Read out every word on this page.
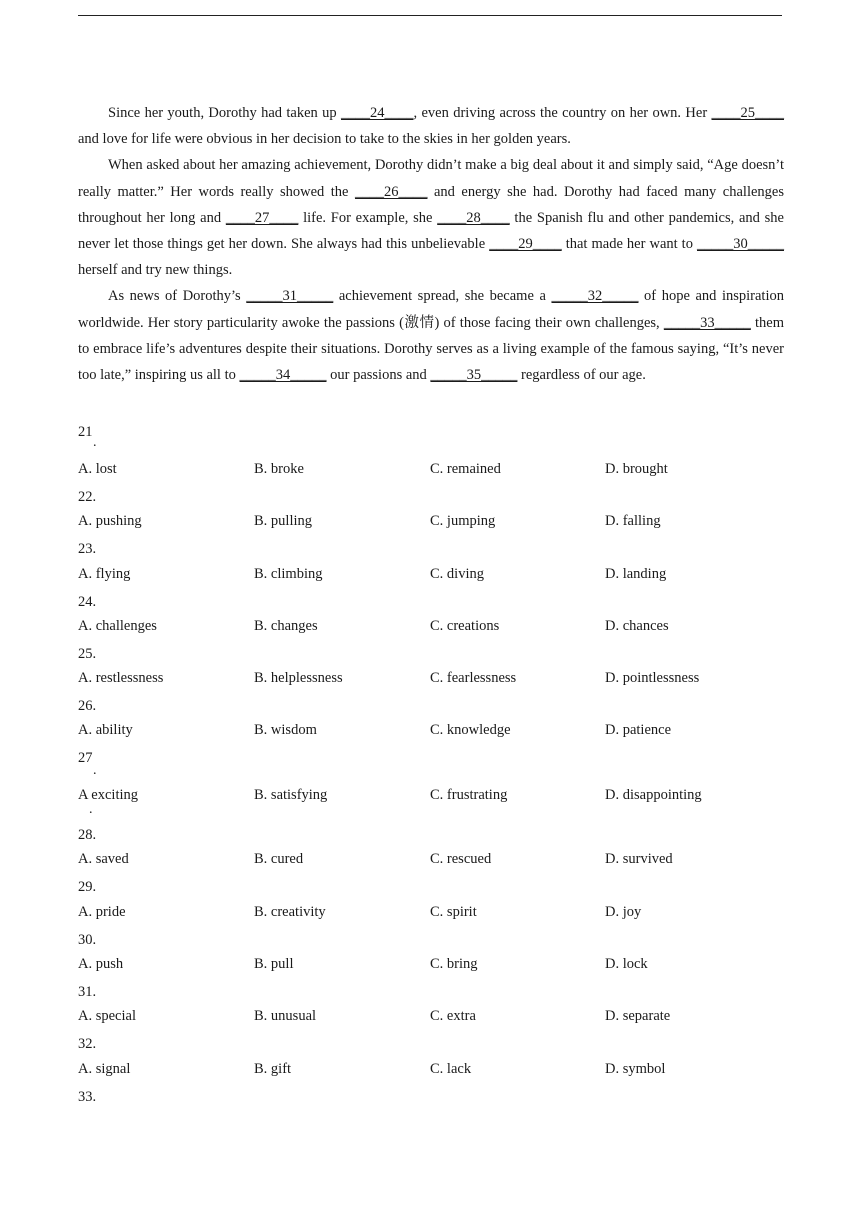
Since her youth, Dorothy had taken up ____24____, even driving across the country on her own. Her ____25____ and love for life were obvious in her decision to take to the skies in her golden years.

When asked about her amazing achievement, Dorothy didn’t make a big deal about it and simply said, “Age doesn’t really matter.” Her words really showed the ____26____ and energy she had. Dorothy had faced many challenges throughout her long and ____27____ life. For example, she ____28____ the Spanish flu and other pandemics, and she never let those things get her down. She always had this unbelievable ____29____ that made her want to _____30_____ herself and try new things.

As news of Dorothy’s _____31_____ achievement spread, she became a _____32_____ of hope and inspiration worldwide. Her story particularity awoke the passions (激情) of those facing their own challenges, _____33_____ them to embrace life’s adventures despite their situations. Dorothy serves as a living example of the famous saying, “It’s never too late,” inspiring us all to _____34_____ our passions and _____35_____ regardless of our age.

21
A. lost	B. broke	C. remained	D. brought
22.
A. pushing	B. pulling	C. jumping	D. falling
23.
A. flying	B. climbing	C. diving	D. landing
24.
A. challenges	B. changes	C. creations	D. chances
25.
A. restlessness	B. helplessness	C. fearlessness	D. pointlessness
26.
A. ability	B. wisdom	C. knowledge	D. patience
27
A exciting	B. satisfying	C. frustrating	D. disappointing
28.
A. saved	B. cured	C. rescued	D. survived
29.
A. pride	B. creativity	C. spirit	D. joy
30.
A. push	B. pull	C. bring	D. lock
31.
A. special	B. unusual	C. extra	D. separate
32.
A. signal	B. gift	C. lack	D. symbol
33.
.
.
.
